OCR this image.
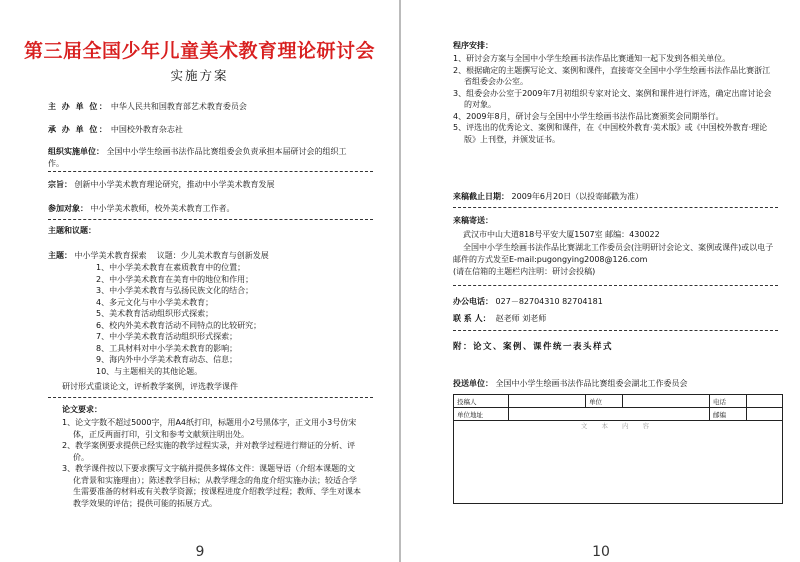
第三届全国少年儿童美术教育理论研讨会
实施方案
主 办 单 位： 中华人民共和国教育部艺术教育委员会
承 办 单 位： 中国校外教育杂志社
组织实施单位： 全国中小学生绘画书法作品比赛组委会负责承担本届研讨会的组织工作。
宗旨： 创新中小学美术教育理论研究，推动中小学美术教育发展
参加对象： 中小学美术教师，校外美术教育工作者。
主题和议题：
主题： 中小学美术教育探索 议题：少儿美术教育与创新发展
1、中小学美术教育在素质教育中的位置；
2、中小学美术教育在美育中的地位和作用；
3、中小学美术教育与弘扬民族文化的结合；
4、多元文化与中小学美术教育；
5、美术教育活动组织形式探索；
6、校内外美术教育活动不同特点的比较研究；
7、中小学美术教育活动组织形式探索；
8、工具材料对中小学美术教育的影响；
9、海内外中小学美术教育动态、信息；
10、与主题相关的其他论题。
研讨形式重谈论文，评析教学案例，评选教学课件
论文要求：
1、论文字数不超过5000字，用A4纸打印，标题用小2号黑体字，正文用小3号仿宋体，正反两面打印，引文和参考文献须注明出处。
2、教学案例要求提供已经实施的教学过程实录，并对教学过程进行辩证的分析、评价。
3、教学课件按以下要求撰写文字稿并提供多媒体文件：课题导语（介绍本课题的文化背景和实施理由）；陈述教学目标；从教学理念的角度介绍实施办法；较适合学生需要准备的材料或有关教学资源；按课程进度介绍教学过程；教师、学生对课本教学效果的评估；提供可能的拓展方式。
9
程序安排：
1、研讨会方案与全国中小学生绘画书法作品比赛通知一起下发到各相关单位。
2、根据确定的主题撰写论文、案例和课件，直接寄交全国中小学生绘画书法作品比赛浙江省组委会办公室。
3、组委会办公室于2009年7月初组织专家对论文、案例和课件进行评选，确定出席讨论会的对象。
4、2009年8月，研讨会与全国中小学生绘画书法作品比赛颁奖会同期举行。
5、评选出的优秀论文、案例和课件，在《中国校外教育·美术版》或《中国校外教育·理论版》上刊登，并颁发证书。
来稿截止日期： 2009年6月20日（以投寄邮戳为准）
来稿寄送：
武汉市中山大道818号平安大厦1507室 邮编：430022
全国中小学生绘画书法作品比赛湖北工作委员会(注明研讨会论文、案例或课件)或以电子邮件的方式发至E-mail:pugongying2008@126.com
(请在信箱的主题栏内注明：研讨会投稿)
办公电话： 027－82704310 82704181
联 系 人： 赵老师 刘老师
附：论文、案例、课件统一表头样式
投送单位： 全国中小学生绘画书法作品比赛组委会湖北工作委员会
投稿人		单位		电话	
单位地址				邮编	
文 本 内 容					
10
